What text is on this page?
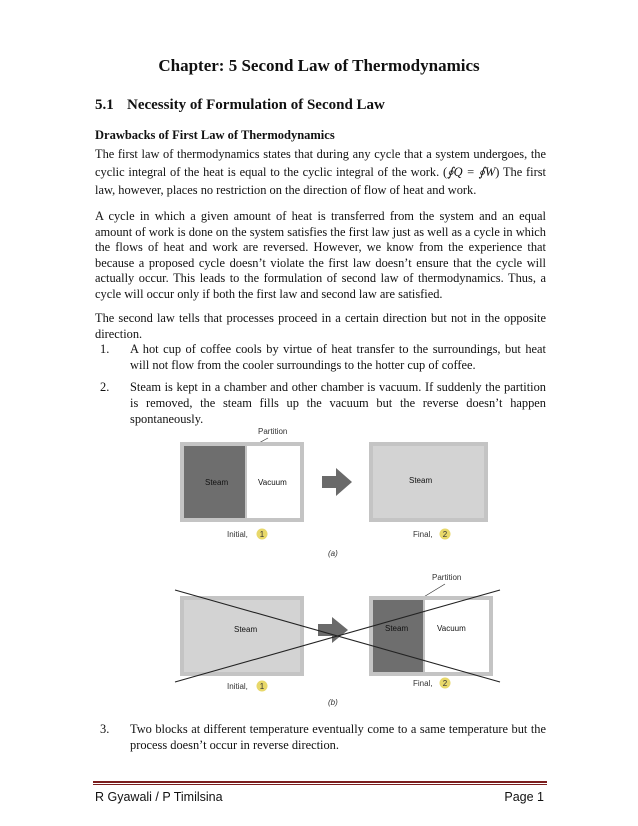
Chapter: 5 Second Law of Thermodynamics
5.1 Necessity of Formulation of Second Law
Drawbacks of First Law of Thermodynamics
The first law of thermodynamics states that during any cycle that a system undergoes, the cyclic integral of the heat is equal to the cyclic integral of the work. (∮Q = ∮W) The first law, however, places no restriction on the direction of flow of heat and work.
A cycle in which a given amount of heat is transferred from the system and an equal amount of work is done on the system satisfies the first law just as well as a cycle in which the flows of heat and work are reversed. However, we know from the experience that because a proposed cycle doesn’t violate the first law doesn’t ensure that the cycle will actually occur. This leads to the formulation of second law of thermodynamics. Thus, a cycle will occur only if both the first law and second law are satisfied.
The second law tells that processes proceed in a certain direction but not in the opposite direction.
1. A hot cup of coffee cools by virtue of heat transfer to the surroundings, but heat will not flow from the cooler surroundings to the hotter cup of coffee.
2. Steam is kept in a chamber and other chamber is vacuum. If suddenly the partition is removed, the steam fills up the vacuum but the reverse doesn’t happen spontaneously.
Partition
Steam	Vacuum	Steam
Initial, 1	Final, 2
(a)
Partition
Steam	Steam	Vacuum
Initial, 1	Final, 2
(b)
3. Two blocks at different temperature eventually come to a same temperature but the process doesn’t occur in reverse direction.
R Gyawali / P Timilsina	Page 1
